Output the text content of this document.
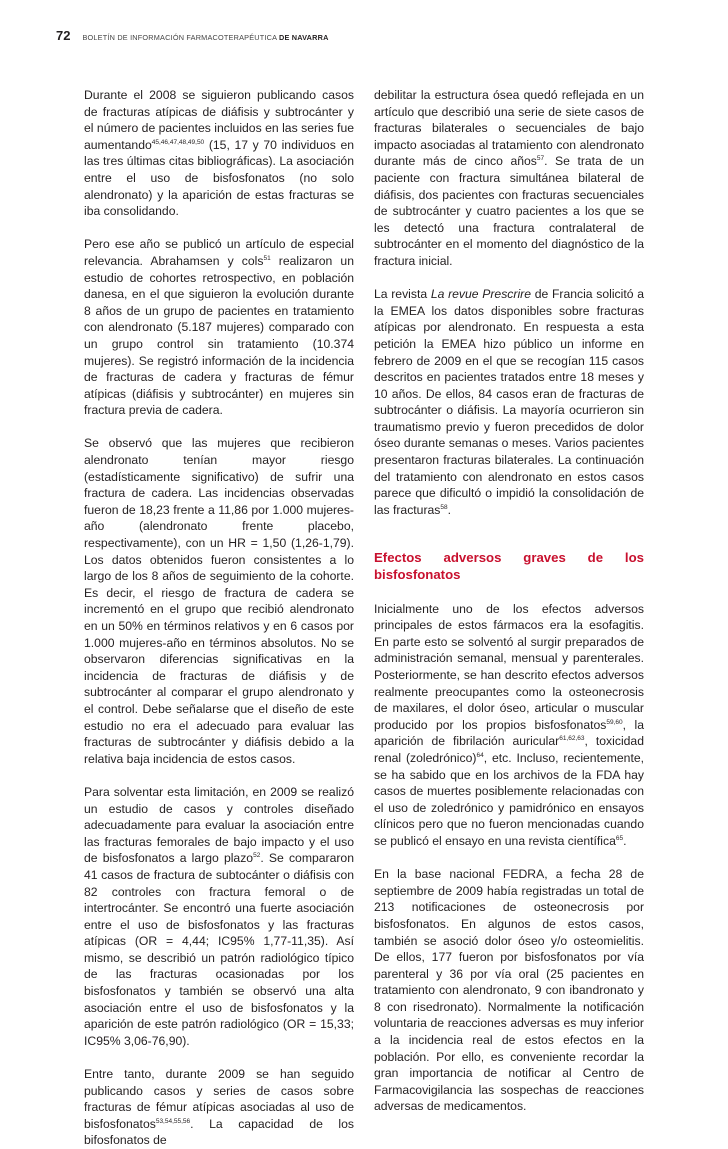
72 BOLETÍN DE INFORMACIÓN FARMACOTERAPÉUTICA DE NAVARRA

Durante el 2008 se siguieron publicando casos de fracturas atípicas de diáfisis y subtrocánter y el número de pacientes incluidos en las series fue aumentando$^{45,46,47,48,49,50}$ (15, 17 y 70 individuos en las tres últimas citas bibliográficas). La asociación entre el uso de bisfosfonatos (no solo alendronato) y la aparición de estas fracturas se iba consolidando.

Pero ese año se publicó un artículo de especial relevancia. Abrahamsen y cols$^{51}$ realizaron un estudio de cohortes retrospectivo, en población danesa, en el que siguieron la evolución durante 8 años de un grupo de pacientes en tratamiento con alendronato (5.187 mujeres) comparado con un grupo control sin tratamiento (10.374 mujeres). Se registró información de la incidencia de fracturas de cadera y fracturas de fémur atípicas (diáfisis y subtrocánter) en mujeres sin fractura previa de cadera.

Se observó que las mujeres que recibieron alendronato tenían mayor riesgo (estadísticamente significativo) de sufrir una fractura de cadera. Las incidencias observadas fueron de 18,23 frente a 11,86 por 1.000 mujeres-año (alendronato frente placebo, respectivamente), con un HR = 1,50 (1,26-1,79). Los datos obtenidos fueron consistentes a lo largo de los 8 años de seguimiento de la cohorte. Es decir, el riesgo de fractura de cadera se incrementó en el grupo que recibió alendronato en un 50% en términos relativos y en 6 casos por 1.000 mujeres-año en términos absolutos. No se observaron diferencias significativas en la incidencia de fracturas de diáfisis y de subtrocánter al comparar el grupo alendronato y el control. Debe señalarse que el diseño de este estudio no era el adecuado para evaluar las fracturas de subtrocánter y diáfisis debido a la relativa baja incidencia de estos casos.

Para solventar esta limitación, en 2009 se realizó un estudio de casos y controles diseñado adecuadamente para evaluar la asociación entre las fracturas femorales de bajo impacto y el uso de bisfosfonatos a largo plazo$^{52}$. Se compararon 41 casos de fractura de subtocánter o diáfisis con 82 controles con fractura femoral o de intertrocánter. Se encontró una fuerte asociación entre el uso de bisfosfonatos y las fracturas atípicas (OR = 4,44; IC95% 1,77-11,35). Así mismo, se describió un patrón radiológico típico de las fracturas ocasionadas por los bisfosfonatos y también se observó una alta asociación entre el uso de bisfosfonatos y la aparición de este patrón radiológico (OR = 15,33; IC95% 3,06-76,90).

Entre tanto, durante 2009 se han seguido publicando casos y series de casos sobre fracturas de fémur atípicas asociadas al uso de bisfosfonatos$^{53,54,55,56}$. La capacidad de los bifosfonatos de

debilitar la estructura ósea quedó reflejada en un artículo que describió una serie de siete casos de fracturas bilaterales o secuenciales de bajo impacto asociadas al tratamiento con alendronato durante más de cinco años$^{57}$. Se trata de un paciente con fractura simultánea bilateral de diáfisis, dos pacientes con fracturas secuenciales de subtrocánter y cuatro pacientes a los que se les detectó una fractura contralateral de subtrocánter en el momento del diagnóstico de la fractura inicial.

La revista La revue Prescrire de Francia solicitó a la EMEA los datos disponibles sobre fracturas atípicas por alendronato. En respuesta a esta petición la EMEA hizo público un informe en febrero de 2009 en el que se recogían 115 casos descritos en pacientes tratados entre 18 meses y 10 años. De ellos, 84 casos eran de fracturas de subtrocánter o diáfisis. La mayoría ocurrieron sin traumatismo previo y fueron precedidos de dolor óseo durante semanas o meses. Varios pacientes presentaron fracturas bilaterales. La continuación del tratamiento con alendronato en estos casos parece que dificultó o impidió la consolidación de las fracturas$^{58}$.

Efectos adversos graves de los bisfosfonatos

Inicialmente uno de los efectos adversos principales de estos fármacos era la esofagitis. En parte esto se solventó al surgir preparados de administración semanal, mensual y parenterales. Posteriormente, se han descrito efectos adversos realmente preocupantes como la osteonecrosis de maxilares, el dolor óseo, articular o muscular producido por los propios bisfosfonatos$^{59,60}$, la aparición de fibrilación auricular$^{61,62,63}$, toxicidad renal (zoledrónico)$^{64}$, etc. Incluso, recientemente, se ha sabido que en los archivos de la FDA hay casos de muertes posiblemente relacionadas con el uso de zoledrónico y pamidrónico en ensayos clínicos pero que no fueron mencionadas cuando se publicó el ensayo en una revista científica$^{65}$.

En la base nacional FEDRA, a fecha 28 de septiembre de 2009 había registradas un total de 213 notificaciones de osteonecrosis por bisfosfonatos. En algunos de estos casos, también se asoció dolor óseo y/o osteomielitis. De ellos, 177 fueron por bisfosfonatos por vía parenteral y 36 por vía oral (25 pacientes en tratamiento con alendronato, 9 con ibandronato y 8 con risedronato). Normalmente la notificación voluntaria de reacciones adversas es muy inferior a la incidencia real de estos efectos en la población. Por ello, es conveniente recordar la gran importancia de notificar al Centro de Farmacovigilancia las sospechas de reacciones adversas de medicamentos.
